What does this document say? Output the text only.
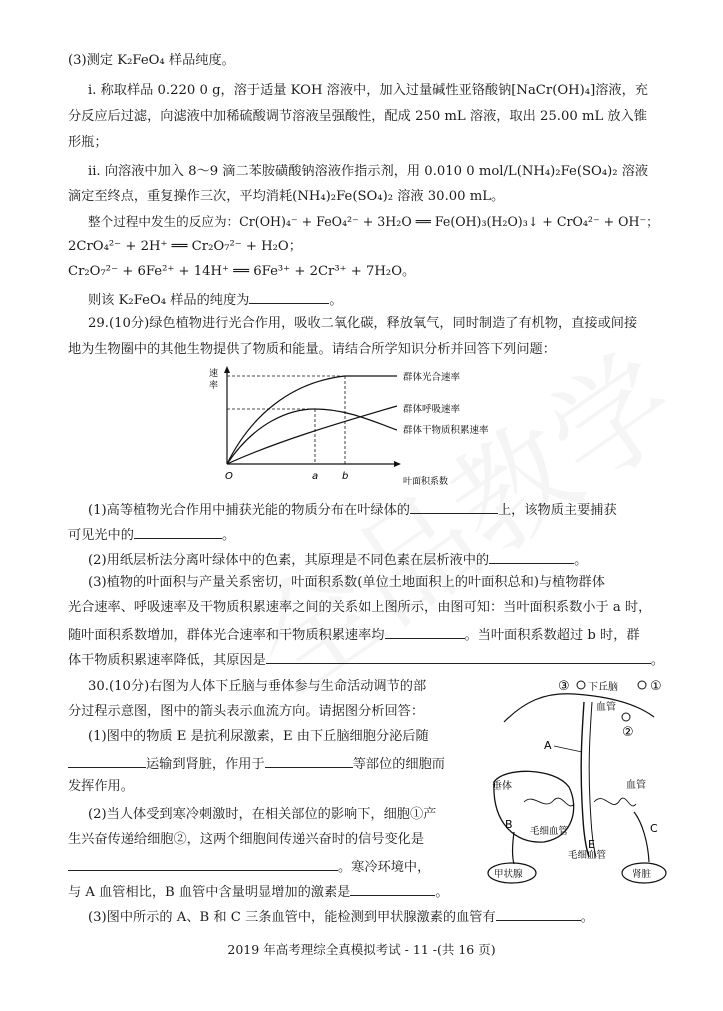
(3)测定 K₂FeO₄ 样品纯度。
i. 称取样品 0.220 0 g，溶于适量 KOH 溶液中，加入过量碱性亚铬酸钠[NaCr(OH)₄]溶液，充
分反应后过滤，向滤液中加稀硫酸调节溶液呈强酸性，配成 250 mL 溶液，取出 25.00 mL 放入锥
形瓶；
ii. 向溶液中加入 8～9 滴二苯胺磺酸钠溶液作指示剂，用 0.010 0 mol/L(NH₄)₂Fe(SO₄)₂ 溶液
滴定至终点，重复操作三次，平均消耗(NH₄)₂Fe(SO₄)₂ 溶液 30.00 mL。
整个过程中发生的反应为：Cr(OH)₄⁻ + FeO₄²⁻ + 3H₂O ══ Fe(OH)₃(H₂O)₃↓ + CrO₄²⁻ + OH⁻；
2CrO₄²⁻ + 2H⁺ ══ Cr₂O₇²⁻ + H₂O；
Cr₂O₇²⁻ + 6Fe²⁺ + 14H⁺ ══ 6Fe³⁺ + 2Cr³⁺ + 7H₂O。
则该 K₂FeO₄ 样品的纯度为	。
29.(10分)绿色植物进行光合作用，吸收二氧化碳，释放氧气，同时制造了有机物，直接或间接
地为生物圈中的其他生物提供了物质和能量。请结合所学知识分析并回答下列问题：
速
率
O	a b	叶面积系数
群体光合速率
群体呼吸速率
群体干物质积累速率
(1)高等植物光合作用中捕获光能的物质分布在叶绿体的	上，该物质主要捕获
可见光中的	。
(2)用纸层析法分离叶绿体中的色素，其原理是不同色素在层析液中的	。
(3)植物的叶面积与产量关系密切，叶面积系数(单位土地面积上的叶面积总和)与植物群体
光合速率、呼吸速率及干物质积累速率之间的关系如上图所示，由图可知：当叶面积系数小于 a 时，
随叶面积系数增加，群体光合速率和干物质积累速率均	。当叶面积系数超过 b 时，群
体干物质积累速率降低，其原因是	。
30.(10分)右图为人体下丘脑与垂体参与生命活动调节的部
分过程示意图，图中的箭头表示血流方向。请据图分析回答：
(1)图中的物质 E 是抗利尿激素，E 由下丘脑细胞分泌后随
运输到肾脏，作用于	等部位的细胞而
发挥作用。
(2)当人体受到寒冷刺激时，在相关部位的影响下，细胞①产
生兴奋传递给细胞②，这两个细胞间传递兴奋时的信号变化是
。寒冷环境中，
与 A 血管相比，B 血管中含量明显增加的激素是	。
(3)图中所示的 A、B 和 C 三条血管中，能检测到甲状腺激素的血管有	。
③ 下丘脑 ①
血管
②
A
垂体	血管
B
毛细血管
E
毛细血管
C
甲状腺	肾脏
2019 年高考理综全真模拟考试 - 11 -(共 16 页)
